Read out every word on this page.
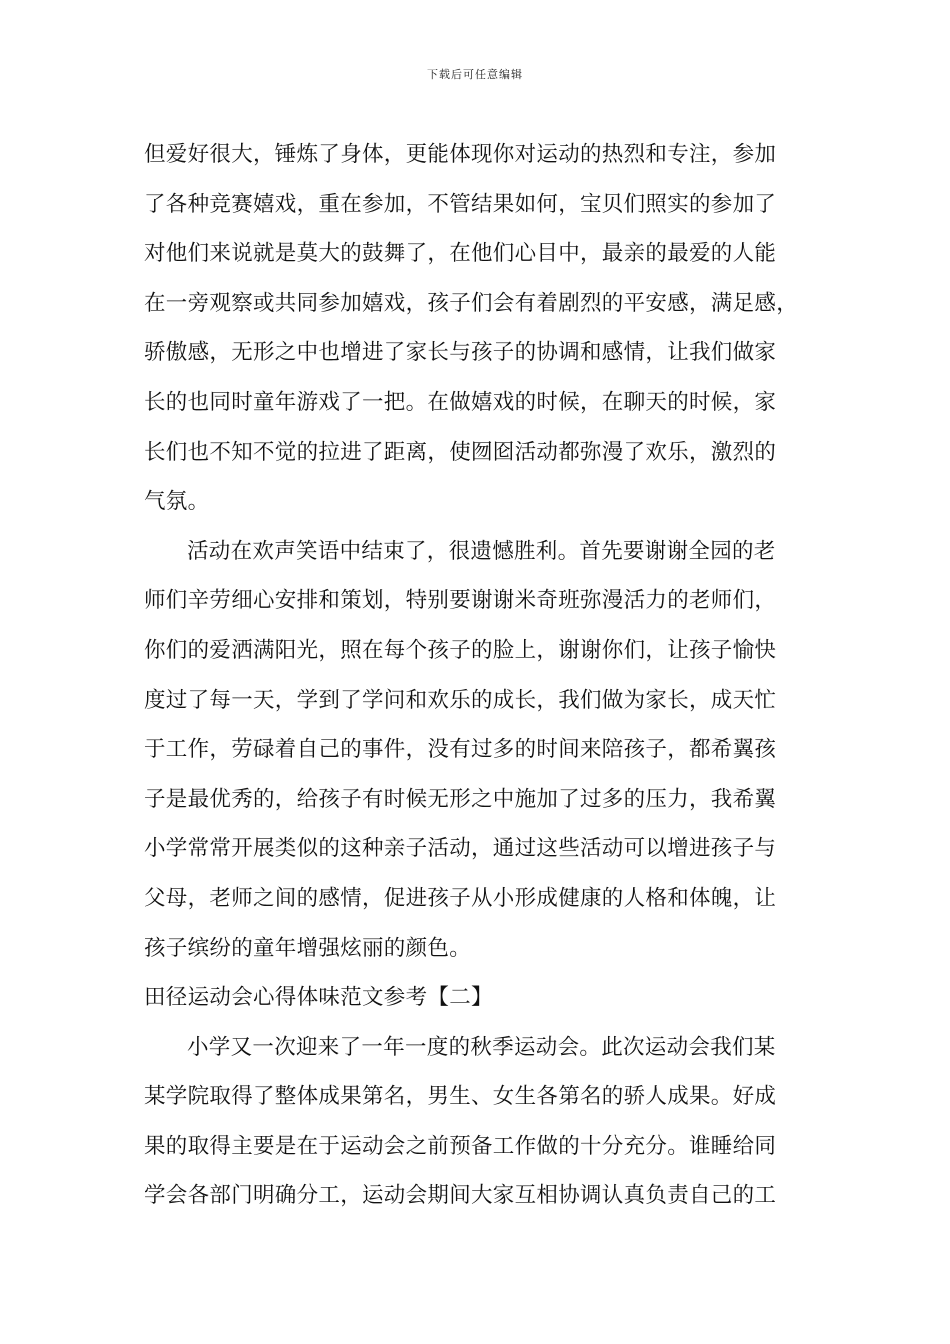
下载后可任意编辑
但爱好很大，锤炼了身体，更能体现你对运动的热烈和专注，参加
了各种竞赛嬉戏，重在参加，不管结果如何，宝贝们照实的参加了
对他们来说就是莫大的鼓舞了，在他们心目中，最亲的最爱的人能
在一旁观察或共同参加嬉戏，孩子们会有着剧烈的平安感，满足感，
骄傲感，无形之中也增进了家长与孩子的协调和感情，让我们做家
长的也同时童年游戏了一把。在做嬉戏的时候，在聊天的时候，家
长们也不知不觉的拉进了距离，使囫囵活动都弥漫了欢乐，激烈的
气氛。
活动在欢声笑语中结束了，很遗憾胜利。首先要谢谢全园的老
师们辛劳细心安排和策划，特别要谢谢米奇班弥漫活力的老师们，
你们的爱洒满阳光，照在每个孩子的脸上，谢谢你们，让孩子愉快
度过了每一天，学到了学问和欢乐的成长，我们做为家长，成天忙
于工作，劳碌着自己的事件，没有过多的时间来陪孩子，都希翼孩
子是最优秀的，给孩子有时候无形之中施加了过多的压力，我希翼
小学常常开展类似的这种亲子活动，通过这些活动可以增进孩子与
父母，老师之间的感情，促进孩子从小形成健康的人格和体魄，让
孩子缤纷的童年增强炫丽的颜色。
田径运动会心得体味范文参考【二】
小学又一次迎来了一年一度的秋季运动会。此次运动会我们某
某学院取得了整体成果第名，男生、女生各第名的骄人成果。好成
果的取得主要是在于运动会之前预备工作做的十分充分。谁睡给同
学会各部门明确分工，运动会期间大家互相协调认真负责自己的工
